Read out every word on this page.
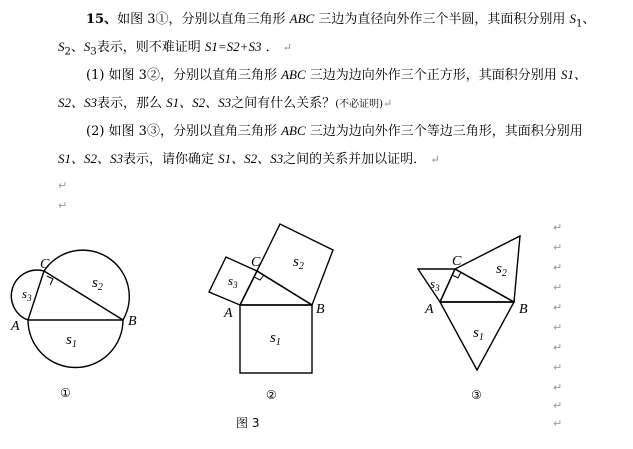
15、如图 3①，分别以直角三角形 ABC 三边为直径向外作三个半圆，其面积分别用 $S_1$、
$S_2$、$S_3$表示，则不难证明 S1=S2+S3 ． ↵
(1) 如图 3②，分别以直角三角形 ABC 三边为边向外作三个正方形，其面积分别用 S1、
S2、S3表示，那么 S1、S2、S3之间有什么关系？(不必证明)↵
(2) 如图 3③，分别以直角三角形 ABC 三边为边向外作三个等边三角形，其面积分别用
S1、S2、S3表示，请你确定 S1、S2、S3之间的关系并加以证明． ↵
↵
↵
↵
↵
↵
↵
↵
↵
↵
↵
↵
↵
↵
C
A	B
C
A	B
C
A	B
$s_1$
$s_2$
$s_3$
$s_1$
$s_2$
$s_3$
$s_1$
$s_2$
$s_3$
①	②	③
图 3
